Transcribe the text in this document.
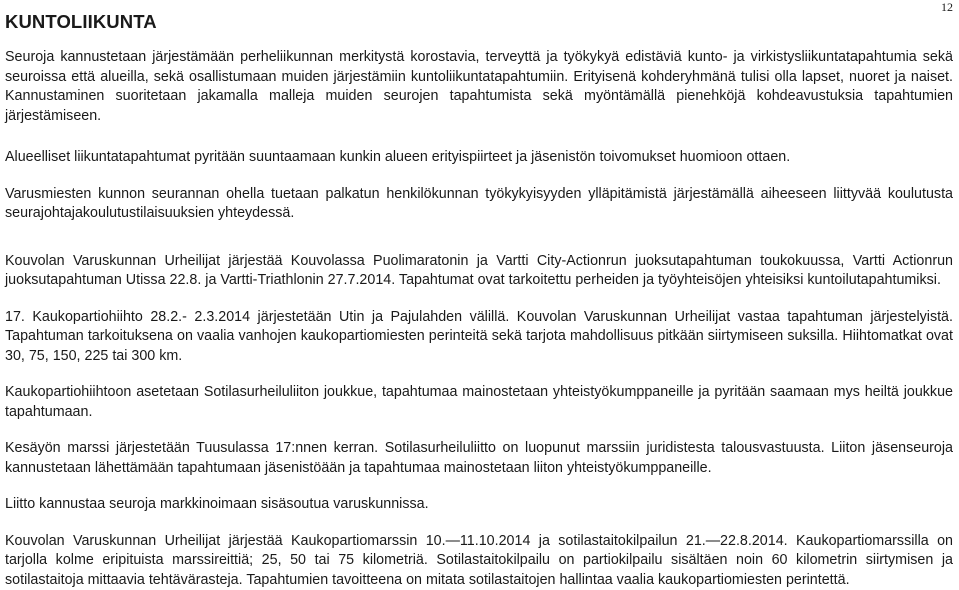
12
KUNTOLIIKUNTA

Seuroja kannustetaan järjestämään perheliikunnan merkitystä korostavia, terveyttä ja työkykyä edistäviä kunto- ja virkistysliikuntatapahtumia sekä seuroissa että alueilla, sekä osallistumaan muiden järjestämiin kuntoliikuntatapahtumiin. Erityisenä kohderyhmänä tulisi olla lapset, nuoret ja naiset. Kannustaminen suoritetaan jakamalla malleja muiden seurojen tapahtumista sekä myöntämällä pienehköjä kohdeavustuksia tapahtumien järjestämiseen.

Alueelliset liikuntatapahtumat pyritään suuntaamaan kunkin alueen erityispiirteet ja jäsenistön toivomukset huomioon ottaen.

Varusmiesten kunnon seurannan ohella tuetaan palkatun henkilökunnan työkykyisyyden ylläpitämistä järjestämällä aiheeseen liittyvää koulutusta seurajohtajakoulutustilaisuuksien yhteydessä.

Kouvolan Varuskunnan Urheilijat järjestää Kouvolassa Puolimaratonin ja Vartti City-Actionrun juoksutapahtuman toukokuussa, Vartti Actionrun juoksutapahtuman Utissa 22.8. ja Vartti-Triathlonin 27.7.2014. Tapahtumat ovat tarkoitettu perheiden ja työyhteisöjen yhteisiksi kuntoilutapahtumiksi.

17. Kaukopartiohiihto 28.2.- 2.3.2014 järjestetään Utin ja Pajulahden välillä. Kouvolan Varuskunnan Urheilijat vastaa tapahtuman järjestelyistä. Tapahtuman tarkoituksena on vaalia vanhojen kaukopartiomiesten perinteitä sekä tarjota mahdollisuus pitkään siirtymiseen suksilla. Hiihtomatkat ovat 30, 75, 150, 225 tai 300 km.

Kaukopartiohiihtoon asetetaan Sotilasurheiluliiton joukkue, tapahtumaa mainostetaan yhteistyökumppaneille ja pyritään saamaan mys heiltä joukkue tapahtumaan.

Kesäyön marssi järjestetään Tuusulassa 17:nnen kerran. Sotilasurheiluliitto on luopunut marssiin juridistesta talousvastuusta. Liiton jäsenseuroja kannustetaan lähettämään tapahtumaan jäsenistöään ja tapahtumaa mainostetaan liiton yhteistyökumppaneille.

Liitto kannustaa seuroja markkinoimaan sisäsoutua varuskunnissa.

Kouvolan Varuskunnan Urheilijat järjestää Kaukopartiomarssin 10.—11.10.2014 ja sotilastaitokilpailun 21.—22.8.2014. Kaukopartiomarssilla on tarjolla kolme eripituista marssireittiä; 25, 50 tai 75 kilometriä. Sotilastaitokilpailu on partiokilpailu sisältäen noin 60 kilometrin siirtymisen ja sotilastaitoja mittaavia tehtävärasteja. Tapahtumien tavoitteena on mitata sotilastaitojen hallintaa vaalia kaukopartiomiesten perintettä.
